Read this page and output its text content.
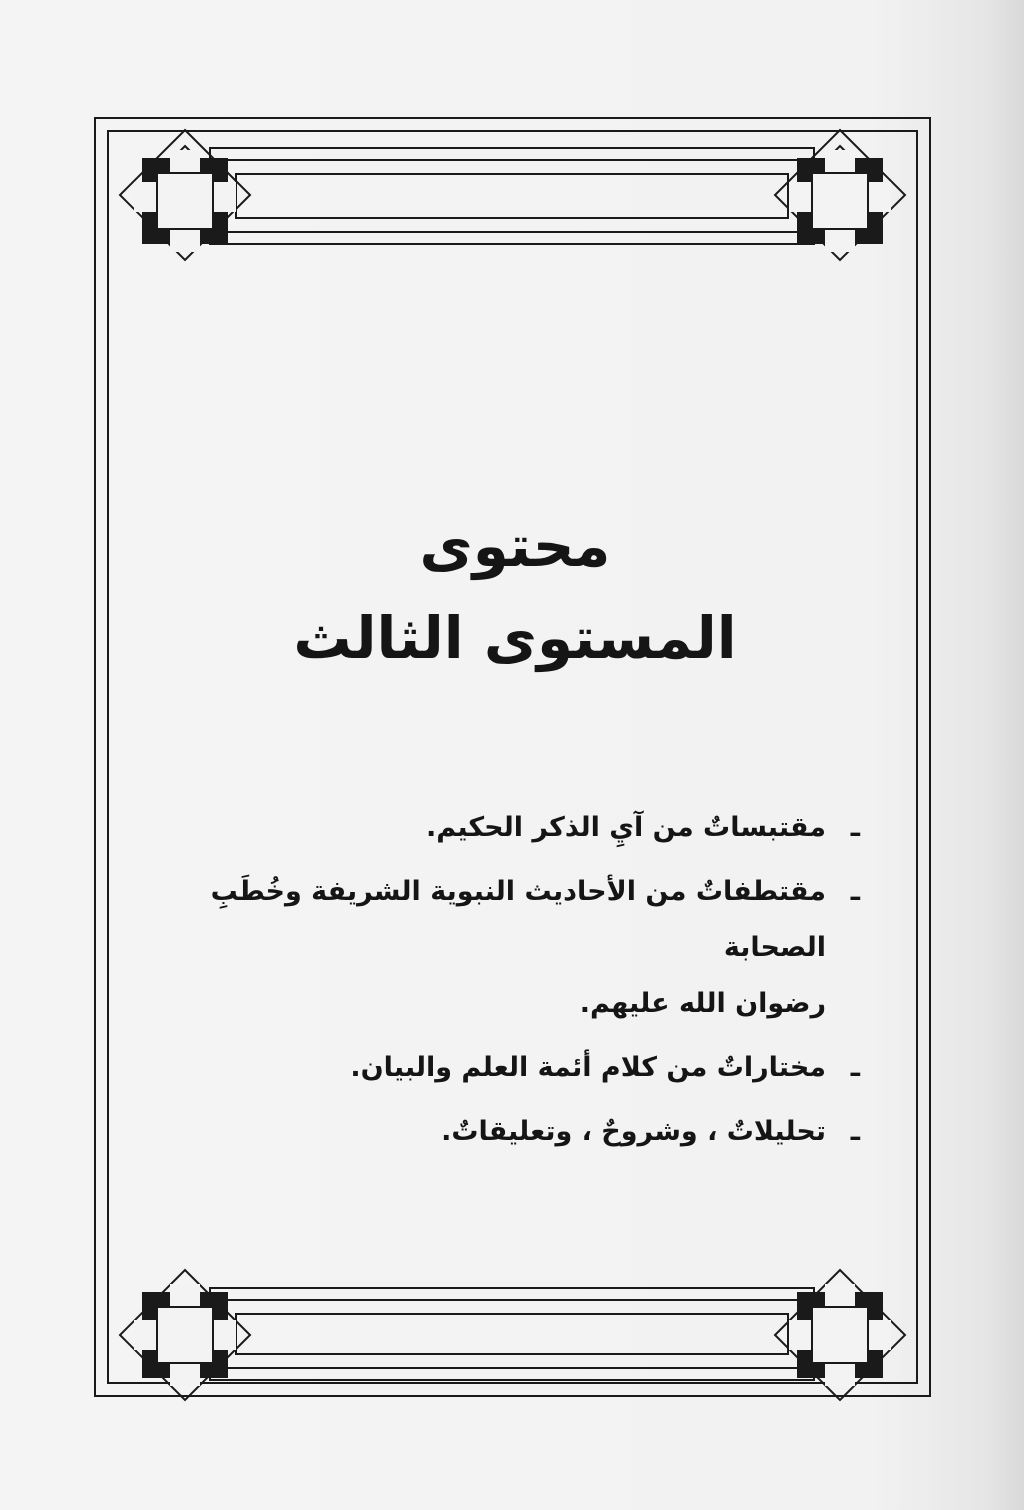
محتوى
المستوى الثالث
ـ
مقتبساتٌ من آيِ الذكر الحكيم.
ـ
مقتطفاتٌ من الأحاديث النبوية الشريفة وخُطَبِ الصحابة
رضوان الله عليهم.
ـ
مختاراتٌ من كلام أئمة العلم والبيان.
ـ
تحليلاتٌ ، وشروحٌ ، وتعليقاتٌ.
